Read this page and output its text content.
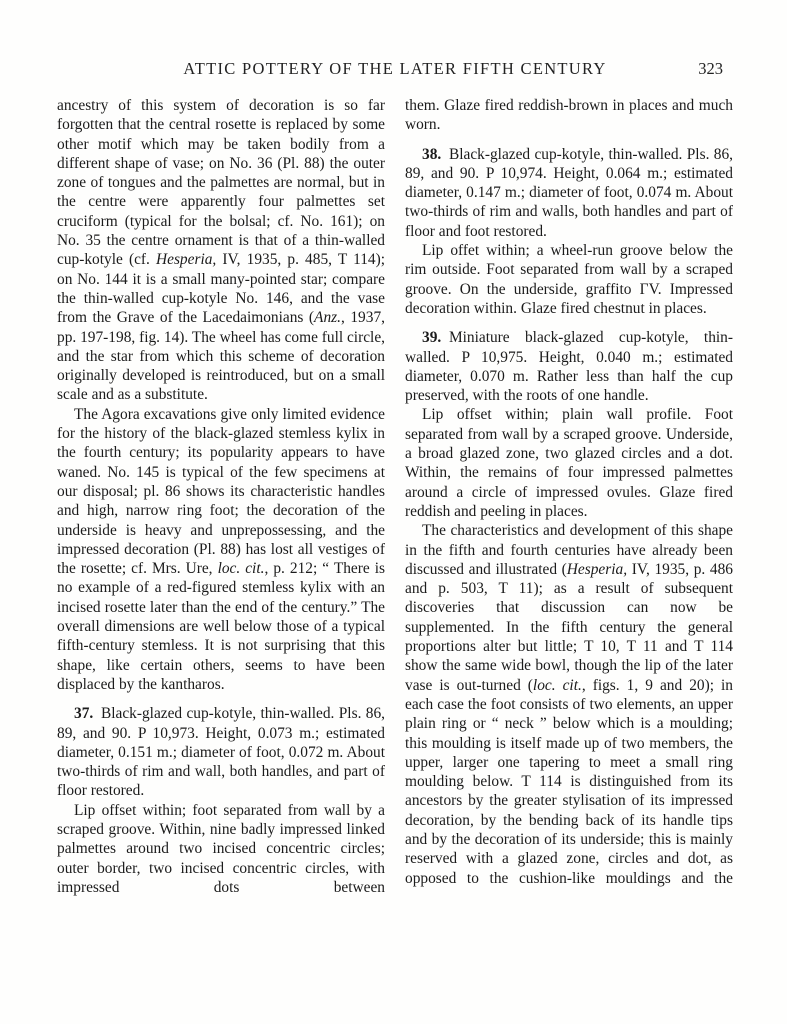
ATTIC POTTERY OF THE LATER FIFTH CENTURY	323

ancestry of this system of decoration is so far forgotten that the central rosette is replaced by some other motif which may be taken bodily from a different shape of vase; on No. 36 (Pl. 88) the outer zone of tongues and the palmettes are normal, but in the centre were apparently four palmettes set cruciform (typical for the bolsal; cf. No. 161); on No. 35 the centre ornament is that of a thin-walled cup-kotyle (cf. Hesperia, IV, 1935, p. 485, T 114); on No. 144 it is a small many-pointed star; compare the thin-walled cup-kotyle No. 146, and the vase from the Grave of the Lacedaimonians (Anz., 1937, pp. 197-198, fig. 14). The wheel has come full circle, and the star from which this scheme of decoration originally developed is reintroduced, but on a small scale and as a substitute.

The Agora excavations give only limited evidence for the history of the black-glazed stemless kylix in the fourth century; its popularity appears to have waned. No. 145 is typical of the few specimens at our disposal; pl. 86 shows its characteristic handles and high, narrow ring foot; the decoration of the underside is heavy and unprepossessing, and the impressed decoration (Pl. 88) has lost all vestiges of the rosette; cf. Mrs. Ure, loc. cit., p. 212; “ There is no example of a red-figured stemless kylix with an incised rosette later than the end of the century.” The overall dimensions are well below those of a typical fifth-century stemless. It is not surprising that this shape, like certain others, seems to have been displaced by the kantharos.

37. Black-glazed cup-kotyle, thin-walled. Pls. 86, 89, and 90. P 10,973. Height, 0.073 m.; estimated diameter, 0.151 m.; diameter of foot, 0.072 m. About two-thirds of rim and wall, both handles, and part of floor restored.

Lip offset within; foot separated from wall by a scraped groove. Within, nine badly impressed linked palmettes around two incised concentric circles; outer border, two incised concentric circles, with impressed dots between

them. Glaze fired reddish-brown in places and much worn.

38. Black-glazed cup-kotyle, thin-walled. Pls. 86, 89, and 90. P 10,974. Height, 0.064 m.; estimated diameter, 0.147 m.; diameter of foot, 0.074 m. About two-thirds of rim and walls, both handles and part of floor and foot restored.

Lip offet within; a wheel-run groove below the rim outside. Foot separated from wall by a scraped groove. On the underside, graffito ΓV. Impressed decoration within. Glaze fired chestnut in places.

39. Miniature black-glazed cup-kotyle, thin-walled. P 10,975. Height, 0.040 m.; estimated diameter, 0.070 m. Rather less than half the cup preserved, with the roots of one handle.

Lip offset within; plain wall profile. Foot separated from wall by a scraped groove. Underside, a broad glazed zone, two glazed circles and a dot. Within, the remains of four impressed palmettes around a circle of impressed ovules. Glaze fired reddish and peeling in places.

The characteristics and development of this shape in the fifth and fourth centuries have already been discussed and illustrated (Hesperia, IV, 1935, p. 486 and p. 503, T 11); as a result of subsequent discoveries that discussion can now be supplemented. In the fifth century the general proportions alter but little; T 10, T 11 and T 114 show the same wide bowl, though the lip of the later vase is out-turned (loc. cit., figs. 1, 9 and 20); in each case the foot consists of two elements, an upper plain ring or “ neck ” below which is a moulding; this moulding is itself made up of two members, the upper, larger one tapering to meet a small ring moulding below. T 114 is distinguished from its ancestors by the greater stylisation of its impressed decoration, by the bending back of its handle tips and by the decoration of its underside; this is mainly reserved with a glazed zone, circles and dot, as opposed to the cushion-like mouldings and the
